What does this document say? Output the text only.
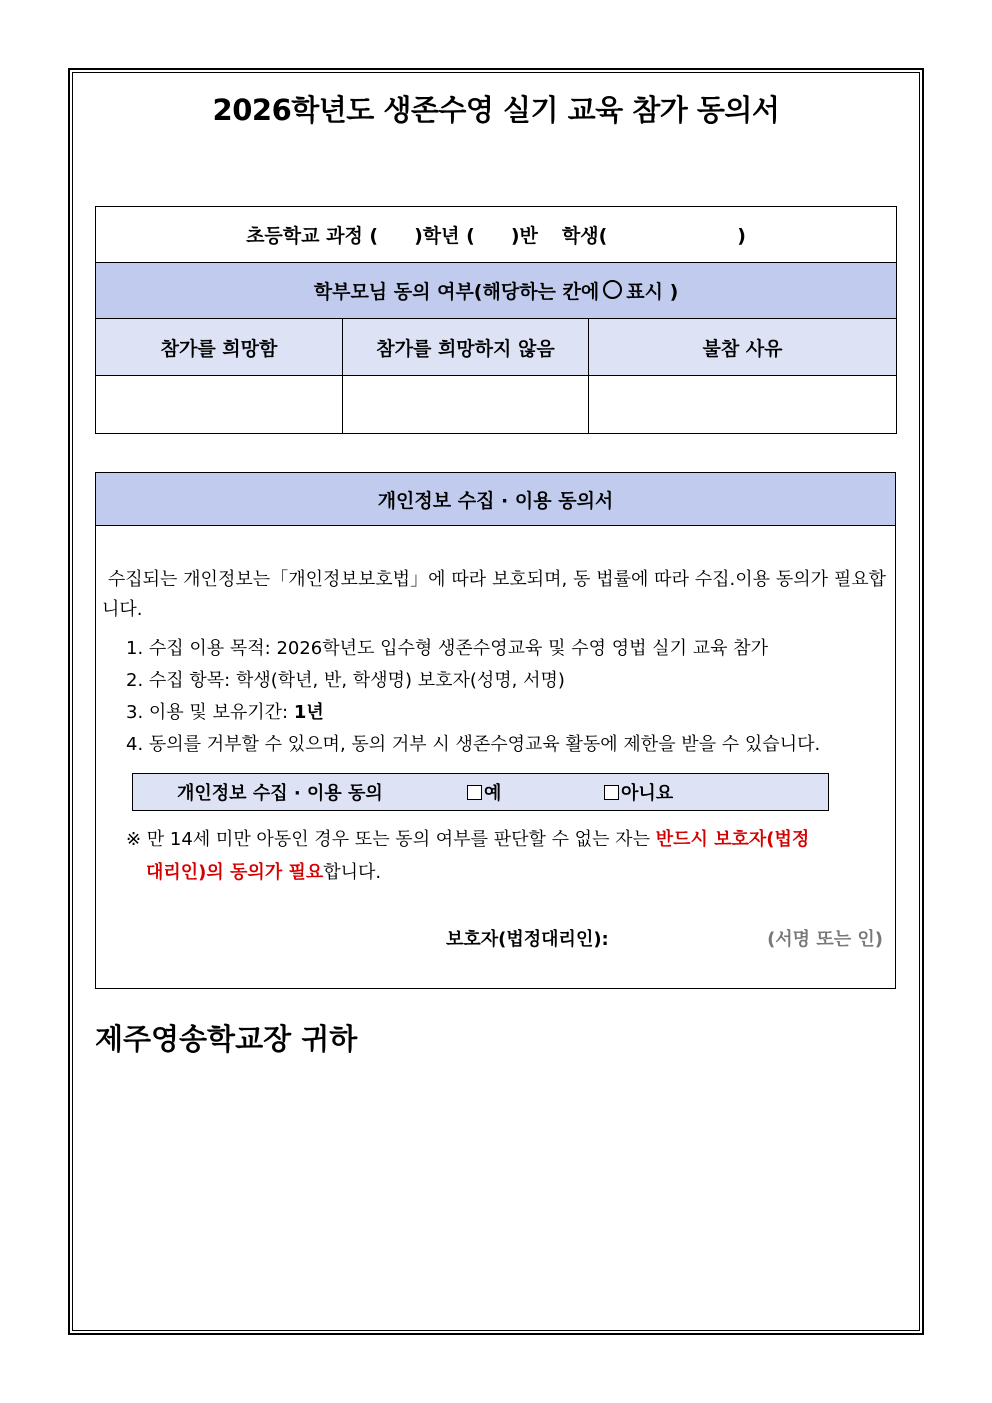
2026학년도 생존수영 실기 교육 참가 동의서
초등학교 과정 ( )학년 ( )반 학생( )		
학부모님 동의 여부(해당하는 칸에 표시 )		
참가를 희망함	참가를 희망하지 않음	불참 사유

개인정보 수집 · 이용 동의서
수집되는 개인정보는「개인정보보호법」에 따라 보호되며, 동 법률에 따라 수집.이용 동의가 필요합니다.
1. 수집 이용 목적: 2026학년도 입수형 생존수영교육 및 수영 영법 실기 교육 참가
2. 수집 항목: 학생(학년, 반, 학생명) 보호자(성명, 서명)
3. 이용 및 보유기간: 1년
4. 동의를 거부할 수 있으며, 동의 거부 시 생존수영교육 활동에 제한을 받을 수 있습니다.
개인정보 수집 · 이용 동의	예	아니요
※ 만 14세 미만 아동인 경우 또는 동의 여부를 판단할 수 없는 자는 반드시 보호자(법정
대리인)의 동의가 필요합니다.
보호자(법정대리인):	(서명 또는 인)
제주영송학교장 귀하
